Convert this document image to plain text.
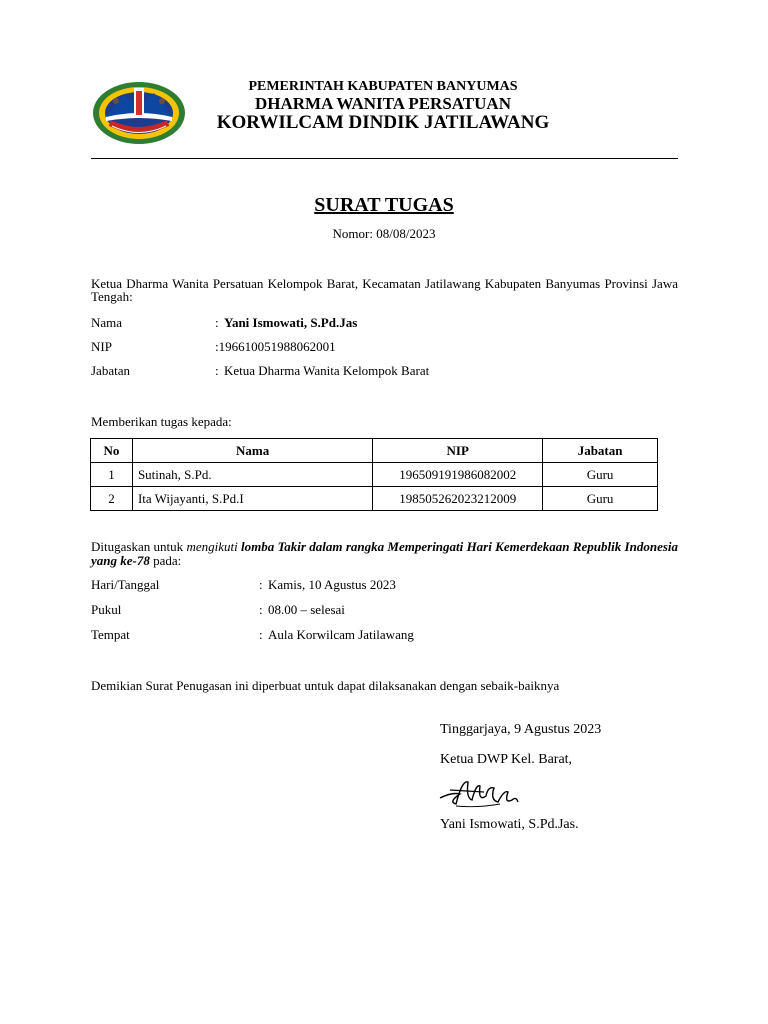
PEMERINTAH KABUPATEN BANYUMAS
DHARMA WANITA PERSATUAN
KORWILCAM DINDIK JATILAWANG
SURAT TUGAS
Nomor: 08/08/2023
Ketua Dharma Wanita Persatuan Kelompok Barat, Kecamatan Jatilawang Kabupaten Banyumas Provinsi Jawa Tengah:
Nama	: Yani Ismowati, S.Pd.Jas
NIP	:196610051988062001
Jabatan	: Ketua Dharma Wanita Kelompok Barat
Memberikan tugas kepada:
No	Nama	NIP	Jabatan
1	Sutinah, S.Pd.	196509191986082002	Guru
2	Ita Wijayanti, S.Pd.I	198505262023212009	Guru
Ditugaskan untuk mengikuti lomba Takir dalam rangka Memperingati Hari Kemerdekaan Republik Indonesia yang ke-78 pada:
Hari/Tanggal	: Kamis, 10 Agustus 2023
Pukul	: 08.00 – selesai
Tempat	: Aula Korwilcam Jatilawang
Demikian Surat Penugasan ini diperbuat untuk dapat dilaksanakan dengan sebaik-baiknya
Tinggarjaya, 9 Agustus 2023
Ketua DWP Kel. Barat,
Yani Ismowati, S.Pd.Jas.
